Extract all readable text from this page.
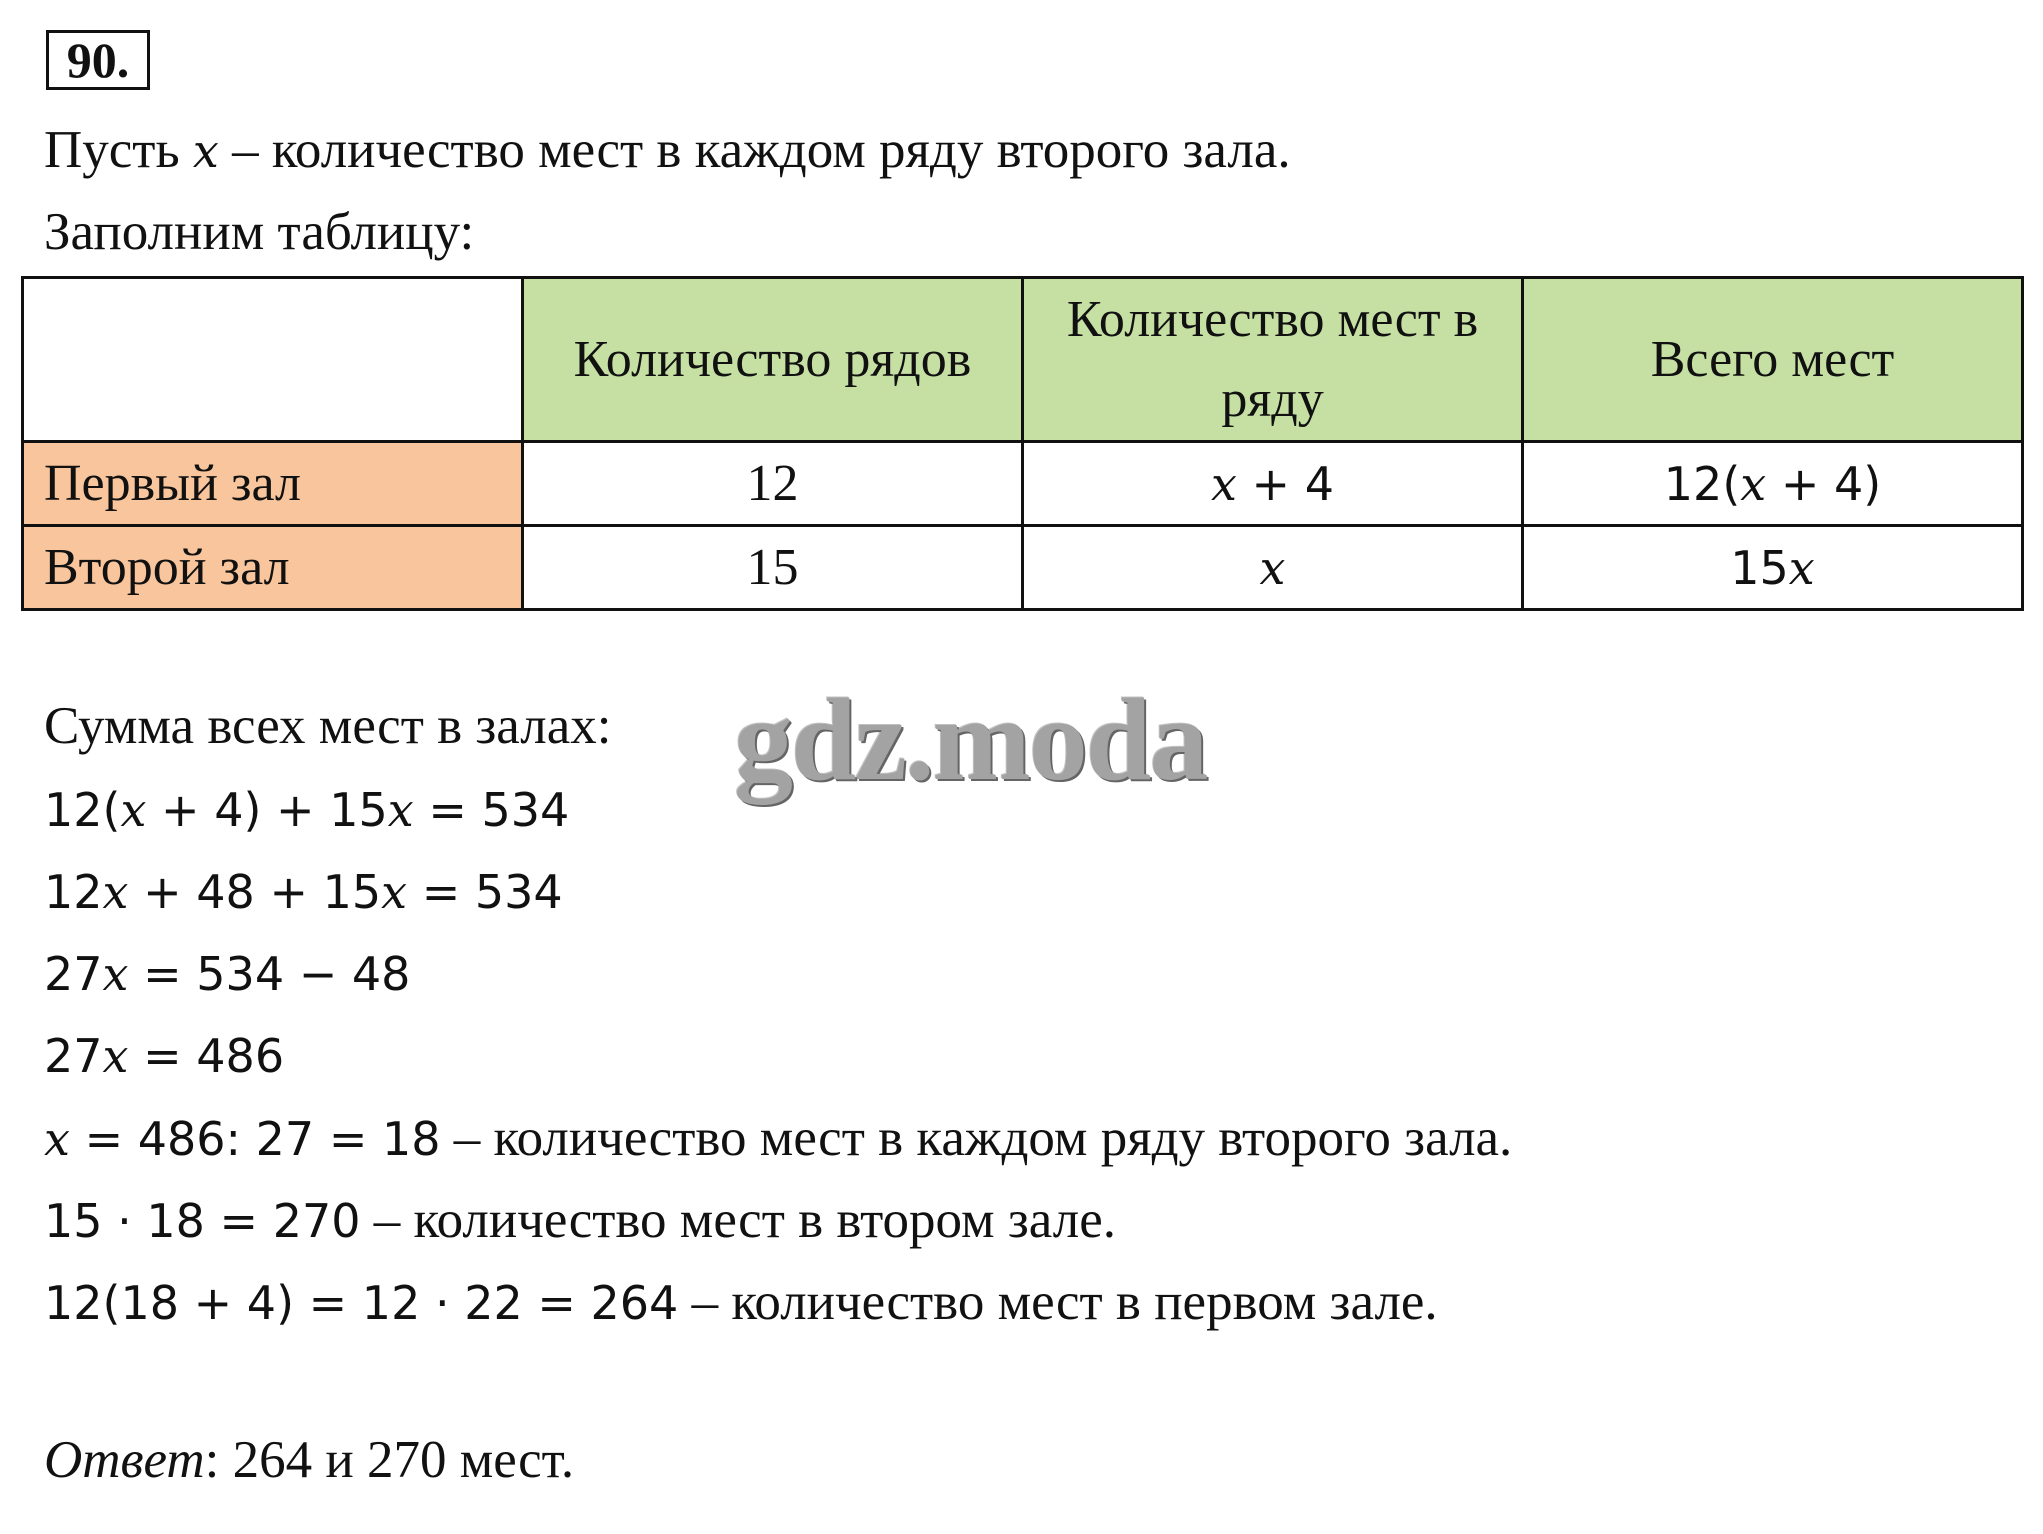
90.
Пусть x – количество мест в каждом ряду второго зала.
Заполним таблицу:
	Количество рядов	Количество мест в ряду	Всего мест
Первый зал	12	x + 4	12(x + 4)
Второй зал	15	x	15x
Сумма всех мест в залах: gdz.moda
12(x + 4) + 15x = 534
12x + 48 + 15x = 534
27x = 534 − 48
27x = 486
x = 486: 27 = 18 – количество мест в каждом ряду второго зала.
15 · 18 = 270 – количество мест в втором зале.
12(18 + 4) = 12 · 22 = 264 – количество мест в первом зале.
Ответ: 264 и 270 мест.
